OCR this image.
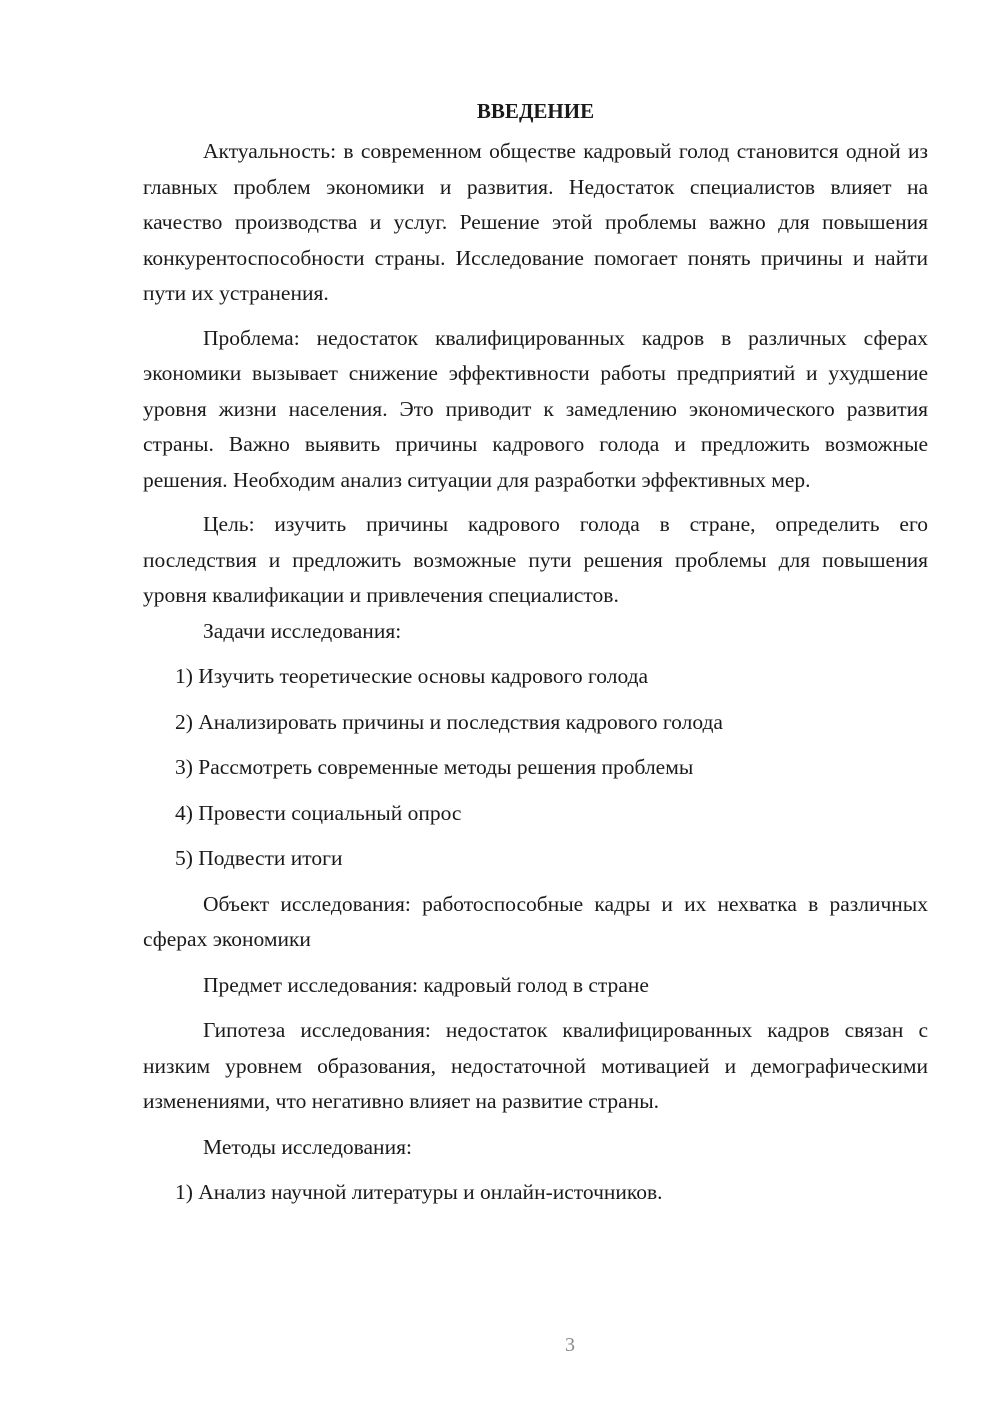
ВВЕДЕНИЕ

Актуальность: в современном обществе кадровый голод становится одной из главных проблем экономики и развития. Недостаток специалистов влияет на качество производства и услуг. Решение этой проблемы важно для повышения конкурентоспособности страны. Исследование помогает понять причины и найти пути их устранения.

Проблема: недостаток квалифицированных кадров в различных сферах экономики вызывает снижение эффективности работы предприятий и ухудшение уровня жизни населения. Это приводит к замедлению экономического развития страны. Важно выявить причины кадрового голода и предложить возможные решения. Необходим анализ ситуации для разработки эффективных мер.

Цель: изучить причины кадрового голода в стране, определить его последствия и предложить возможные пути решения проблемы для повышения уровня квалификации и привлечения специалистов.

Задачи исследования:

1) Изучить теоретические основы кадрового голода

2) Анализировать причины и последствия кадрового голода

3) Рассмотреть современные методы решения проблемы

4) Провести социальный опрос

5) Подвести итоги

Объект исследования: работоспособные кадры и их нехватка в различных сферах экономики

Предмет исследования: кадровый голод в стране

Гипотеза исследования: недостаток квалифицированных кадров связан с низким уровнем образования, недостаточной мотивацией и демографическими изменениями, что негативно влияет на развитие страны.

Методы исследования:

1) Анализ научной литературы и онлайн-источников.

3
